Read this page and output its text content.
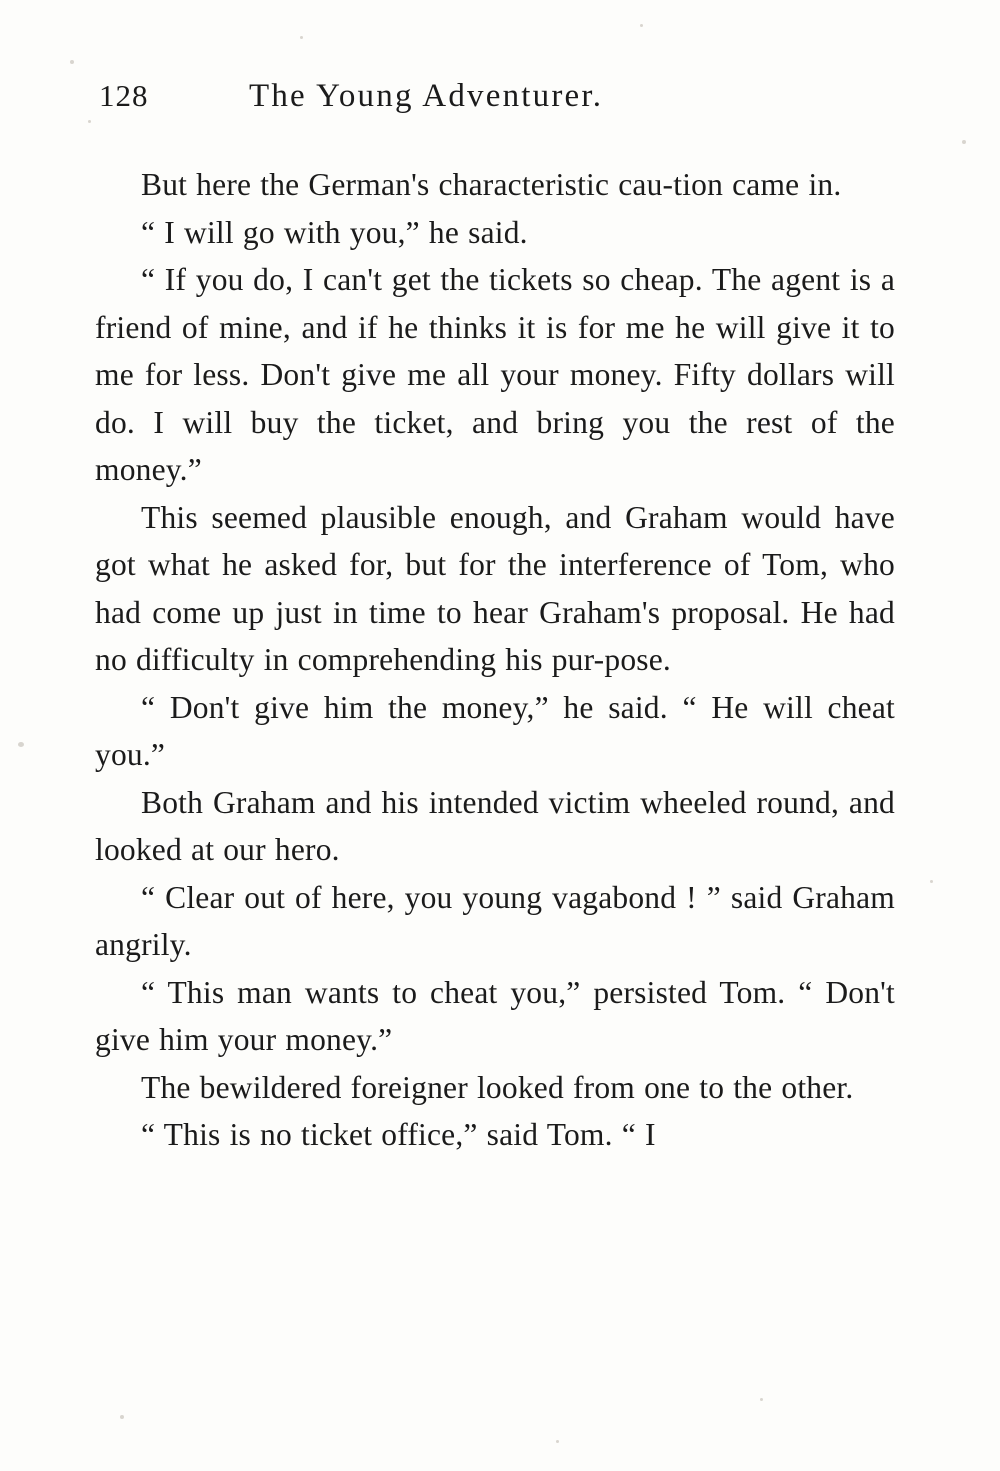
128	The Young Adventurer.

But here the German's characteristic cau-tion came in.

“ I will go with you,” he said.

“ If you do, I can't get the tickets so cheap. The agent is a friend of mine, and if he thinks it is for me he will give it to me for less. Don't give me all your money. Fifty dollars will do. I will buy the ticket, and bring you the rest of the money.”

This seemed plausible enough, and Graham would have got what he asked for, but for the interference of Tom, who had come up just in time to hear Graham's proposal. He had no difficulty in comprehending his pur-pose.

“ Don't give him the money,” he said. “ He will cheat you.”

Both Graham and his intended victim wheeled round, and looked at our hero.

“ Clear out of here, you young vagabond ! ” said Graham angrily.

“ This man wants to cheat you,” persisted Tom. “ Don't give him your money.”

The bewildered foreigner looked from one to the other.

“ This is no ticket office,” said Tom. “ I
